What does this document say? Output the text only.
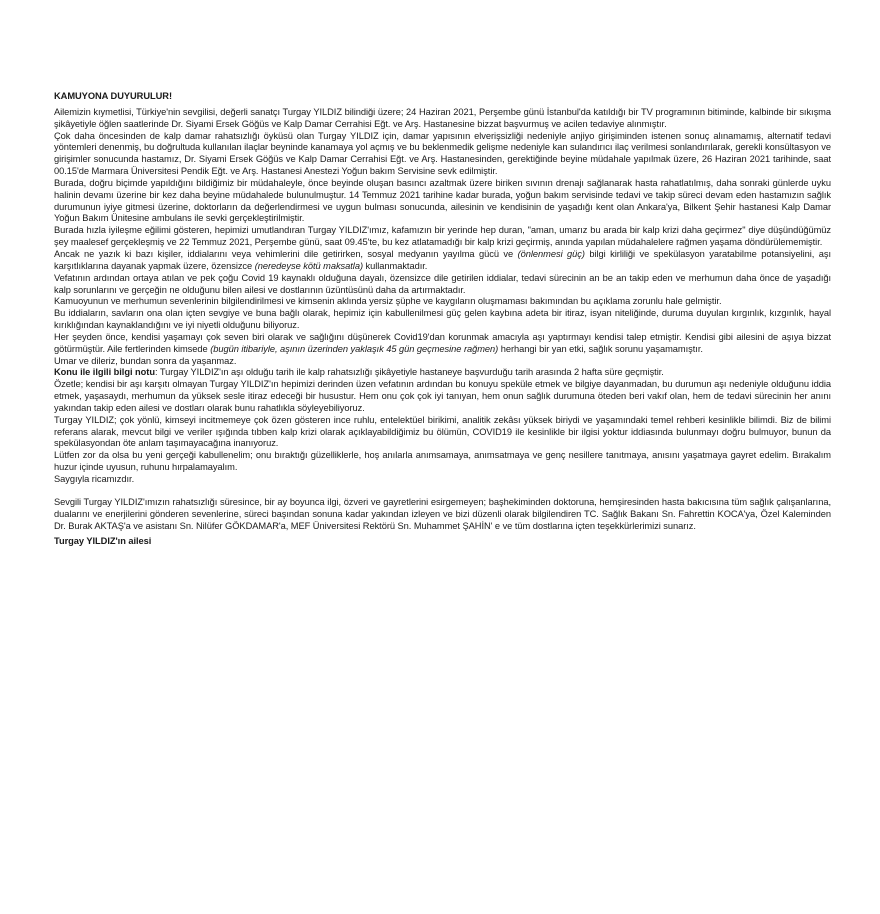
KAMUYONA DUYURULUR!

Ailemizin kıymetlisi, Türkiye'nin sevgilisi, değerli sanatçı Turgay YILDIZ bilindiği üzere; 24 Haziran 2021, Perşembe günü İstanbul'da katıldığı bir TV programının bitiminde, kalbinde bir sıkışma şikâyetiyle öğlen saatlerinde Dr. Siyami Ersek Göğüs ve Kalp Damar Cerrahisi Eğt. ve Arş. Hastanesine bizzat başvurmuş ve acilen tedaviye alınmıştır.

Çok daha öncesinden de kalp damar rahatsızlığı öyküsü olan Turgay YILDIZ için, damar yapısının elverişsizliği nedeniyle anjiyo girişiminden istenen sonuç alınamamış, alternatif tedavi yöntemleri denenmiş, bu doğrultuda kullanılan ilaçlar beyninde kanamaya yol açmış ve bu beklenmedik gelişme nedeniyle kan sulandırıcı ilaç verilmesi sonlandırılarak, gerekli konsültasyon ve girişimler sonucunda hastamız, Dr. Siyami Ersek Göğüs ve Kalp Damar Cerrahisi Eğt. ve Arş. Hastanesinden, gerektiğinde beyine müdahale yapılmak üzere, 26 Haziran 2021 tarihinde, saat 00.15'de Marmara Üniversitesi Pendik Eğt. ve Arş. Hastanesi Anestezi Yoğun bakım Servisine sevk edilmiştir.

Burada, doğru biçimde yapıldığını bildiğimiz bir müdahaleyle, önce beyinde oluşan basıncı azaltmak üzere biriken sıvının drenajı sağlanarak hasta rahatlatılmış, daha sonraki günlerde uyku halinin devamı üzerine bir kez daha beyine müdahalede bulunulmuştur. 14 Temmuz 2021 tarihine kadar burada, yoğun bakım servisinde tedavi ve takip süreci devam eden hastamızın sağlık durumunun iyiye gitmesi üzerine, doktorların da değerlendirmesi ve uygun bulması sonucunda, ailesinin ve kendisinin de yaşadığı kent olan Ankara'ya, Bilkent Şehir hastanesi Kalp Damar Yoğun Bakım Ünitesine ambulans ile sevki gerçekleştirilmiştir.

Burada hızla iyileşme eğilimi gösteren, hepimizi umutlandıran Turgay YILDIZ'ımız, kafamızın bir yerinde hep duran, "aman, umarız bu arada bir kalp krizi daha geçirmez" diye düşündüğümüz şey maalesef gerçekleşmiş ve 22 Temmuz 2021, Perşembe günü, saat 09.45'te, bu kez atlatamadığı bir kalp krizi geçirmiş, anında yapılan müdahalelere rağmen yaşama döndürülememiştir.

Ancak ne yazık ki bazı kişiler, iddialarını veya vehimlerini dile getirirken, sosyal medyanın yayılma gücü ve (önlenmesi güç) bilgi kirliliği ve spekülasyon yaratabilme potansiyelini, aşı karşıtlıklarına dayanak yapmak üzere, özensizce (neredeyse kötü maksatla) kullanmaktadır.

Vefatının ardından ortaya atılan ve pek çoğu Covid 19 kaynaklı olduğuna dayalı, özensizce dile getirilen iddialar, tedavi sürecinin an be an takip eden ve merhumun daha önce de yaşadığı kalp sorunlarını ve gerçeğin ne olduğunu bilen ailesi ve dostlarının üzüntüsünü daha da artırmaktadır.

Kamuoyunun ve merhumun sevenlerinin bilgilendirilmesi ve kimsenin aklında yersiz şüphe ve kaygıların oluşmaması bakımından bu açıklama zorunlu hale gelmiştir.

Bu iddiaların, savların ona olan içten sevgiye ve buna bağlı olarak, hepimiz için kabullenilmesi güç gelen kaybına adeta bir itiraz, isyan niteliğinde, duruma duyulan kırgınlık, kızgınlık, hayal kırıklığından kaynaklandığını ve iyi niyetli olduğunu biliyoruz.

Her şeyden önce, kendisi yaşamayı çok seven biri olarak ve sağlığını düşünerek Covid19'dan korunmak amacıyla aşı yaptırmayı kendisi talep etmiştir. Kendisi gibi ailesini de aşıya bizzat götürmüştür. Aile fertlerinden kimsede (bugün itibariyle, aşının üzerinden yaklaşık 45 gün geçmesine rağmen) herhangi bir yan etki, sağlık sorunu yaşamamıştır.

Umar ve dileriz, bundan sonra da yaşanmaz.

Konu ile ilgili bilgi notu: Turgay YILDIZ'ın aşı olduğu tarih ile kalp rahatsızlığı şikâyetiyle hastaneye başvurduğu tarih arasında 2 hafta süre geçmiştir.

Özetle; kendisi bir aşı karşıtı olmayan Turgay YILDIZ'ın hepimizi derinden üzen vefatının ardından bu konuyu spekülе etmek ve bilgiye dayanmadan, bu durumun aşı nedeniyle olduğunu iddia etmek, yaşasaydı, merhumun da yüksek sesle itiraz edeceği bir husustur. Hem onu çok çok iyi tanıyan, hem onun sağlık durumuna öteden beri vakıf olan, hem de tedavi sürecinin her anını yakından takip eden ailesi ve dostları olarak bunu rahatlıkla söyleyebiliyoruz.

Turgay YILDIZ; çok yönlü, kimseyi incitmemeye çok özen gösteren ince ruhlu, entelektüel birikimi, analitik zekâsı yüksek biriydi ve yaşamındaki temel rehberi kesinlikle bilimdi. Biz de bilimi referans alarak, mevcut bilgi ve veriler ışığında tıbben kalp krizi olarak açıklayabildiğimiz bu ölümün, COVID19 ile kesinlikle bir ilgisi yoktur iddiasında bulunmayı doğru bulmuyor, bunun da spekülasyondan öte anlam taşımayacağına inanıyoruz.

Lütfen zor da olsa bu yeni gerçeği kabullenelim; onu bıraktığı güzelliklerle, hoş anılarla anımsamaya, anımsatmaya ve genç nesillere tanıtmaya, anısını yaşatmaya gayret edelim. Bırakalım huzur içinde uyusun, ruhunu hırpalamayalım.

Saygıyla ricamızdır.

Sevgili Turgay YILDIZ'ımızın rahatsızlığı süresince, bir ay boyunca ilgi, özveri ve gayretlerini esirgemeyen; başhekiminden doktoruna, hemşiresinden hasta bakıcısına tüm sağlık çalışanlarına, dualarını ve enerjilerini gönderen sevenlerine, süreci başından sonuna kadar yakından izleyen ve bizi düzenli olarak bilgilendiren TC. Sağlık Bakanı Sn. Fahrettin KOCA'ya, Özel Kaleminden Dr. Burak AKTAŞ'a ve asistanı Sn. Nilüfer GÖKDAMAR'a, MEF Üniversitesi Rektörü Sn. Muhammet ŞAHİN' e ve tüm dostlarına içten teşekkürlerimizi sunarız.

Turgay YILDIZ'ın ailesi
